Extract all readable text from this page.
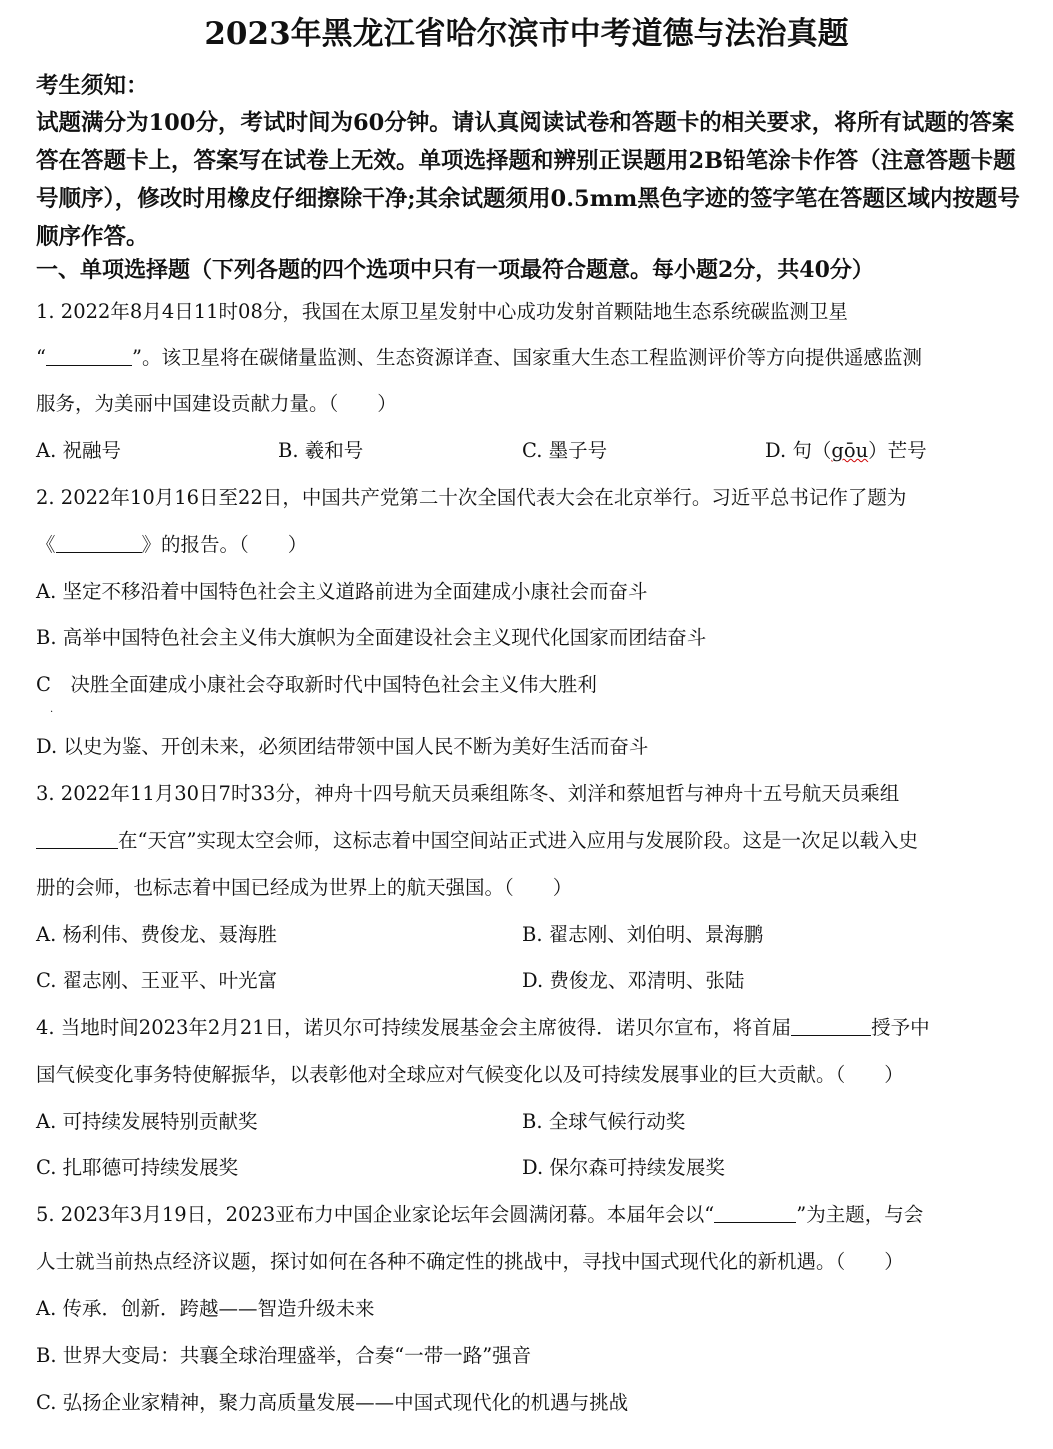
2023年黑龙江省哈尔滨市中考道德与法治真题
考生须知：
试题满分为100分，考试时间为60分钟。请认真阅读试卷和答题卡的相关要求，将所有试题的答案答在答题卡上，答案写在试卷上无效。单项选择题和辨别正误题用2B铅笔涂卡作答（注意答题卡题号顺序），修改时用橡皮仔细擦除干净;其余试题须用0.5mm黑色字迹的签字笔在答题区域内按题号顺序作答。
一、单项选择题（下列各题的四个选项中只有一项最符合题意。每小题2分，共40分）
1. 2022年8月4日11时08分，我国在太原卫星发射中心成功发射首颗陆地生态系统碳监测卫星
“	”。该卫星将在碳储量监测、生态资源详查、国家重大生态工程监测评价等方向提供遥感监测
服务，为美丽中国建设贡献力量。（　　）
A. 祝融号	B. 羲和号	C. 墨子号	D. 句（gōu）芒号
2. 2022年10月16日至22日，中国共产党第二十次全国代表大会在北京举行。习近平总书记作了题为
《	》的报告。（　　）
A. 坚定不移沿着中国特色社会主义道路前进为全面建成小康社会而奋斗
B. 高举中国特色社会主义伟大旗帜为全面建设社会主义现代化国家而团结奋斗
C　决胜全面建成小康社会夺取新时代中国特色社会主义伟大胜利
.
D. 以史为鉴、开创未来，必须团结带领中国人民不断为美好生活而奋斗
3. 2022年11月30日7时33分，神舟十四号航天员乘组陈冬、刘洋和蔡旭哲与神舟十五号航天员乘组
在“天宫”实现太空会师，这标志着中国空间站正式进入应用与发展阶段。这是一次足以载入史
册的会师，也标志着中国已经成为世界上的航天强国。（　　）
A. 杨利伟、费俊龙、聂海胜	B. 翟志刚、刘伯明、景海鹏
C. 翟志刚、王亚平、叶光富	D. 费俊龙、邓清明、张陆
4. 当地时间2023年2月21日，诺贝尔可持续发展基金会主席彼得．诺贝尔宣布，将首届	授予中
国气候变化事务特使解振华，以表彰他对全球应对气候变化以及可持续发展事业的巨大贡献。（　　）
A. 可持续发展特别贡献奖	B. 全球气候行动奖
C. 扎耶德可持续发展奖	D. 保尔森可持续发展奖
5. 2023年3月19日，2023亚布力中国企业家论坛年会圆满闭幕。本届年会以“	”为主题，与会
人士就当前热点经济议题，探讨如何在各种不确定性的挑战中，寻找中国式现代化的新机遇。（　　）
A. 传承．创新．跨越——智造升级未来
B. 世界大变局：共襄全球治理盛举，合奏“一带一路”强音
C. 弘扬企业家精神，聚力高质量发展——中国式现代化的机遇与挑战
